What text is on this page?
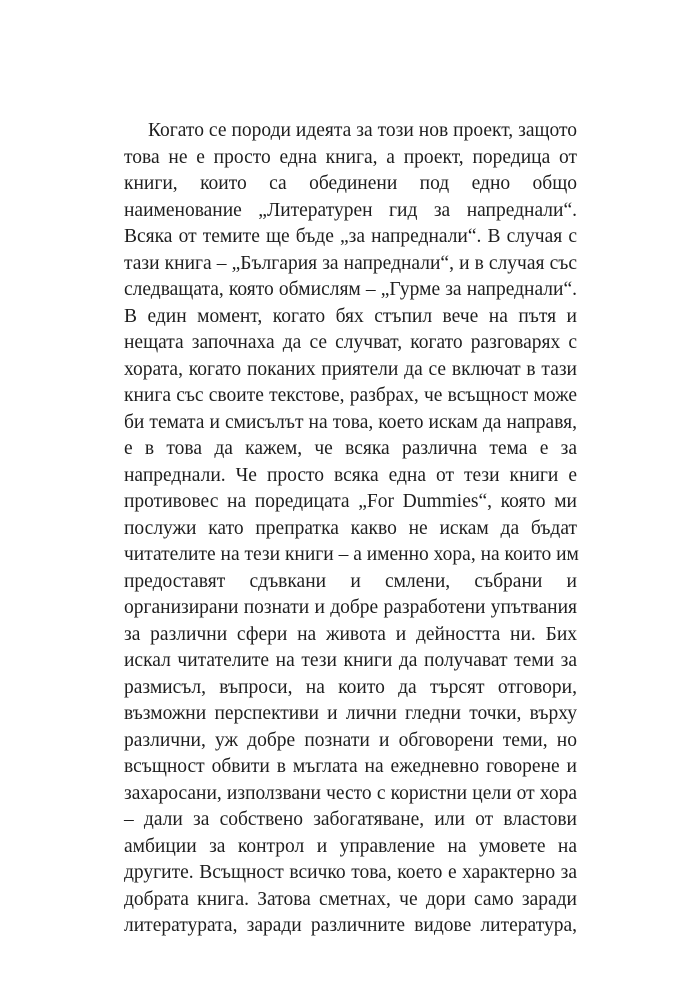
Когато се породи идеята за този нов проект, защото
това не е просто една книга, а проект, поредица от
книги, които са обединени под едно общо
наименование „Литературен гид за напреднали“.
Всяка от темите ще бъде „за напреднали“. В случая с
тази книга – „България за напреднали“, и в случая със
следващата, която обмислям – „Гурме за напреднали“.
В един момент, когато бях стъпил вече на пътя и
нещата започнаха да се случват, когато разговарях с
хората, когато поканих приятели да се включат в тази
книга със своите текстове, разбрах, че всъщност може
би темата и смисълът на това, което искам да направя,
е в това да кажем, че всяка различна тема е за
напреднали. Че просто всяка една от тези книги е
противовес на поредицата „For Dummies“, която ми
послужи като препратка какво не искам да бъдат
читателите на тези книги – а именно хора, на които им
предоставят сдъвкани и смлени, събрани и
организирани познати и добре разработени упътвания
за различни сфери на живота и дейността ни. Бих
искал читателите на тези книги да получават теми за
размисъл, въпроси, на които да търсят отговори,
възможни перспективи и лични гледни точки, върху
различни, уж добре познати и обговорени теми, но
всъщност обвити в мъглата на ежедневно говорене и
захаросани, използвани често с користни цели от хора
– дали за собствено забогатяване, или от властови
амбиции за контрол и управление на умовете на
другите. Всъщност всичко това, което е характерно за
добрата книга. Затова сметнах, че дори само заради
литературата, заради различните видове литература,
